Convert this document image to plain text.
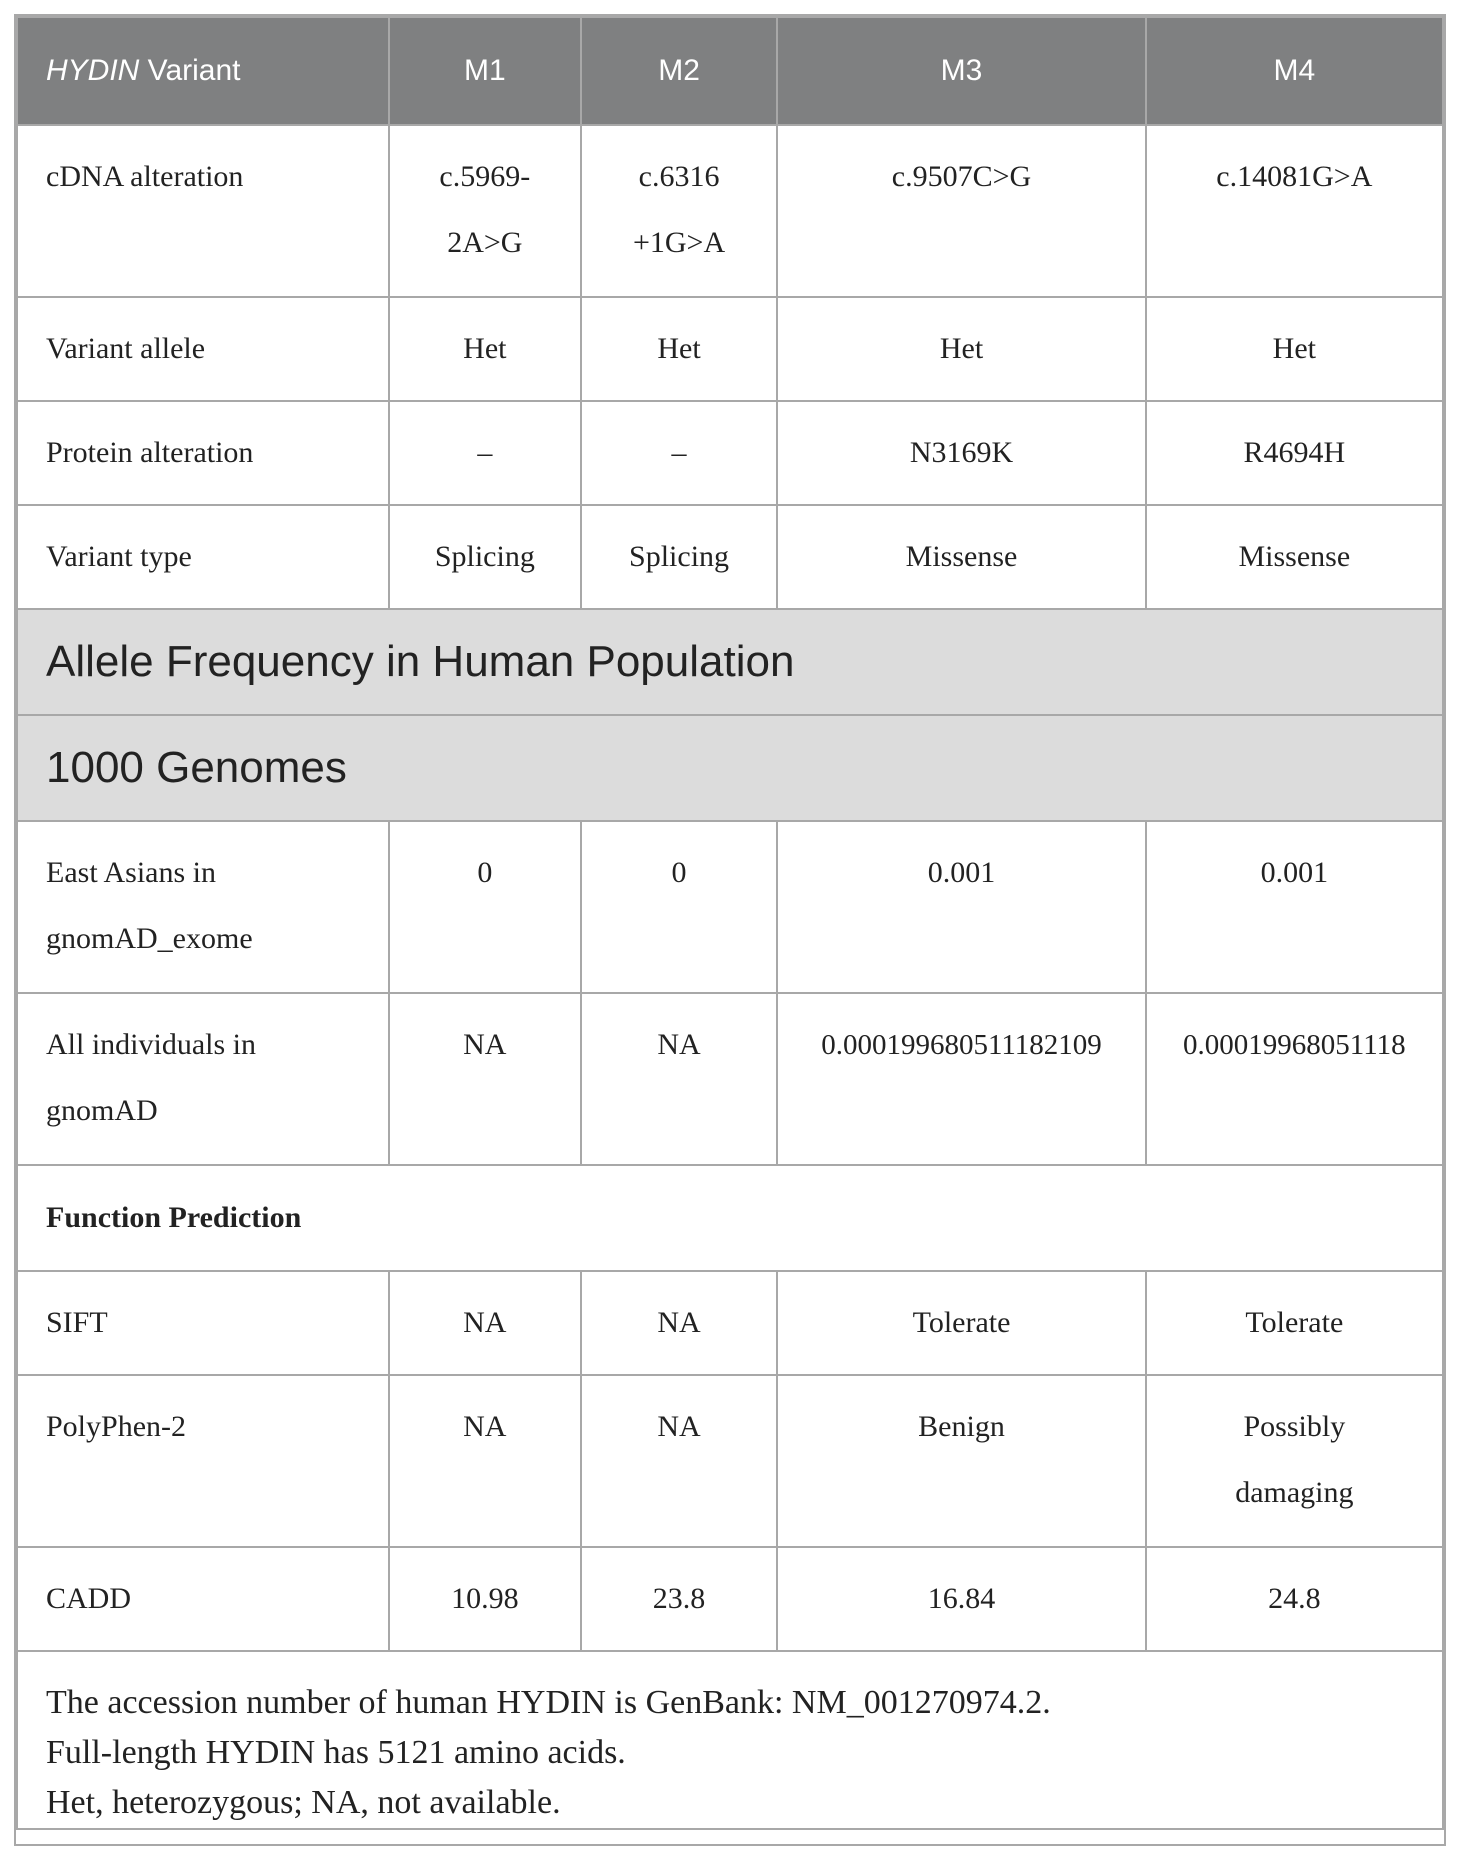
HYDIN Variant	M1	M2	M3	M4
cDNA alteration	c.5969-2A>G	c.6316 +1G>A	c.9507C>G	c.14081G>A
Variant allele	Het	Het	Het	Het
Protein alteration	–	–	N3169K	R4694H
Variant type	Splicing	Splicing	Missense	Missense
Allele Frequency in Human Population				
1000 Genomes				
East Asians in gnomAD_exome	0	0	0.001	0.001
All individuals in gnomAD	NA	NA	0.000199680511182109	0.00019968051118
Function Prediction				
SIFT	NA	NA	Tolerate	Tolerate
PolyPhen-2	NA	NA	Benign	Possibly damaging
CADD	10.98	23.8	16.84	24.8

The accession number of human HYDIN is GenBank: NM_001270974.2.
Full-length HYDIN has 5121 amino acids.
Het, heterozygous; NA, not available.				
